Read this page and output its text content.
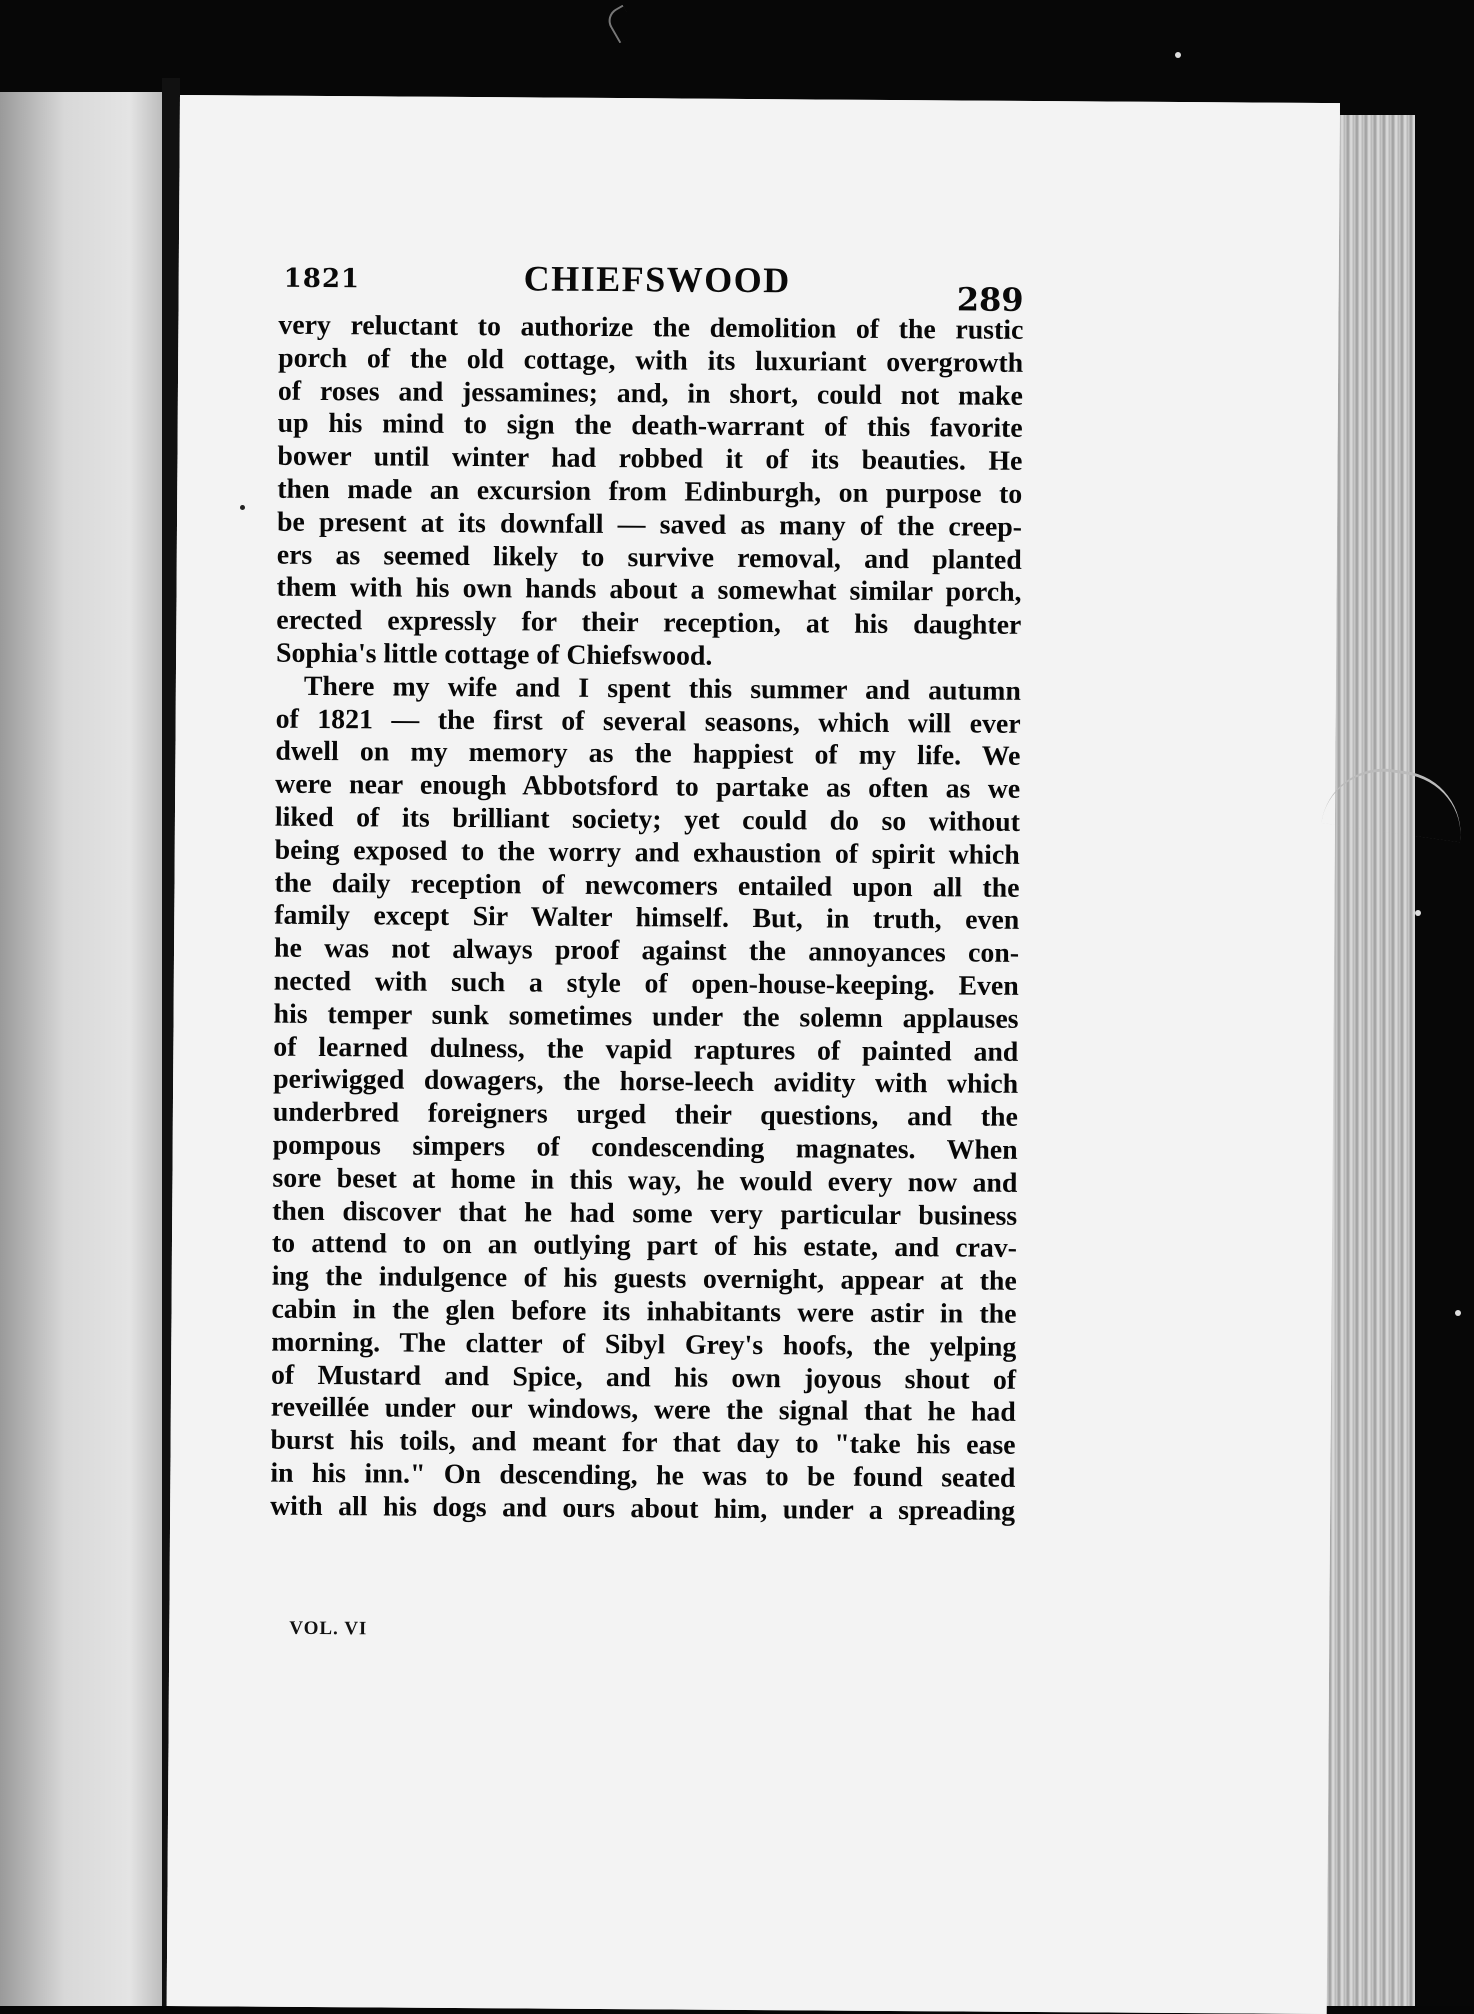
1821	CHIEFSWOOD	289
very reluctant to authorize the demolition of the rustic
porch of the old cottage, with its luxuriant overgrowth
of roses and jessamines; and, in short, could not make
up his mind to sign the death-warrant of this favorite
bower until winter had robbed it of its beauties. He
then made an excursion from Edinburgh, on purpose to
be present at its downfall — saved as many of the creep-
ers as seemed likely to survive removal, and planted
them with his own hands about a somewhat similar porch,
erected expressly for their reception, at his daughter
Sophia's little cottage of Chiefswood.
There my wife and I spent this summer and autumn
of 1821 — the first of several seasons, which will ever
dwell on my memory as the happiest of my life. We
were near enough Abbotsford to partake as often as we
liked of its brilliant society; yet could do so without
being exposed to the worry and exhaustion of spirit which
the daily reception of newcomers entailed upon all the
family except Sir Walter himself. But, in truth, even
he was not always proof against the annoyances con-
nected with such a style of open-house-keeping. Even
his temper sunk sometimes under the solemn applauses
of learned dulness, the vapid raptures of painted and
periwigged dowagers, the horse-leech avidity with which
underbred foreigners urged their questions, and the
pompous simpers of condescending magnates. When
sore beset at home in this way, he would every now and
then discover that he had some very particular business
to attend to on an outlying part of his estate, and crav-
ing the indulgence of his guests overnight, appear at the
cabin in the glen before its inhabitants were astir in the
morning. The clatter of Sibyl Grey's hoofs, the yelping
of Mustard and Spice, and his own joyous shout of
reveillée under our windows, were the signal that he had
burst his toils, and meant for that day to "take his ease
in his inn." On descending, he was to be found seated
with all his dogs and ours about him, under a spreading
VOL. VI
